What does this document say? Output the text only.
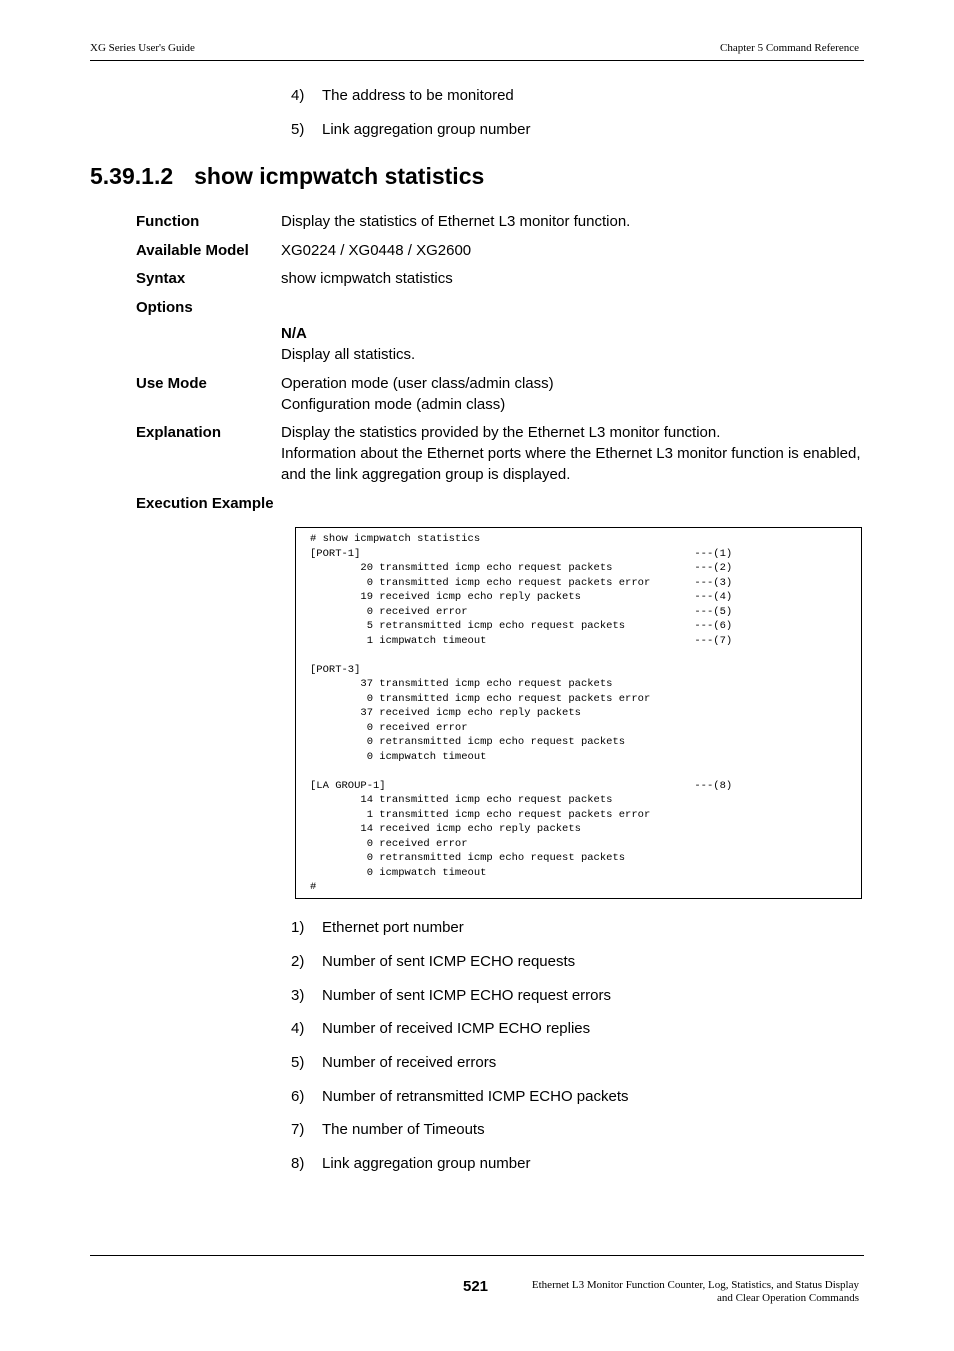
XG Series User's Guide	Chapter 5 Command Reference
4) The address to be monitored
5) Link aggregation group number
5.39.1.2 show icmpwatch statistics
Function	Display the statistics of Ethernet L3 monitor function.
Available Model XG0224 / XG0448 / XG2600
Syntax	show icmpwatch statistics
Options
N/A
Display all statistics.
Use Mode	Operation mode (user class/admin class)
Configuration mode (admin class)
Explanation	Display the statistics provided by the Ethernet L3 monitor function.
Information about the Ethernet ports where the Ethernet L3 monitor function is enabled,
and the link aggregation group is displayed.
Execution Example
# show icmpwatch statistics
[PORT-1]                                                     ---(1)
20 transmitted icmp echo request packets             ---(2)
0 transmitted icmp echo request packets error       ---(3)
19 received icmp echo reply packets                  ---(4)
0 received error                                    ---(5)
5 retransmitted icmp echo request packets           ---(6)
1 icmpwatch timeout                                 ---(7)

[PORT-3]
37 transmitted icmp echo request packets
0 transmitted icmp echo request packets error
37 received icmp echo reply packets
0 received error
0 retransmitted icmp echo request packets
0 icmpwatch timeout

[LA GROUP-1]                                                 ---(8)
14 transmitted icmp echo request packets
1 transmitted icmp echo request packets error
14 received icmp echo reply packets
0 received error
0 retransmitted icmp echo request packets
0 icmpwatch timeout
#
1) Ethernet port number
2) Number of sent ICMP ECHO requests
3) Number of sent ICMP ECHO request errors
4) Number of received ICMP ECHO replies
5) Number of received errors
6) Number of retransmitted ICMP ECHO packets
7) The number of Timeouts
8) Link aggregation group number
521	Ethernet L3 Monitor Function Counter, Log, Statistics, and Status Display
and Clear Operation Commands
